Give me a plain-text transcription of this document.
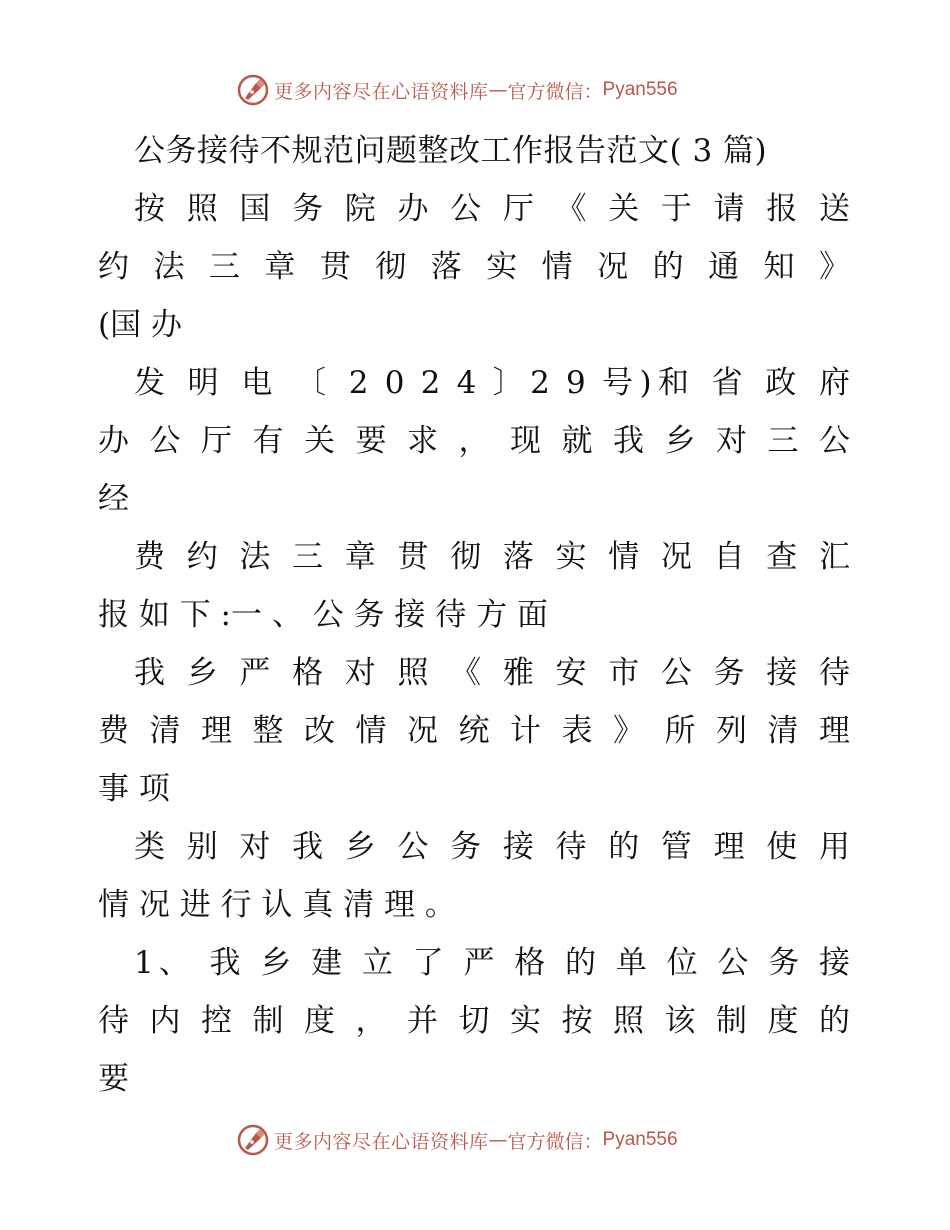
更多内容尽在心语资料库 — 官方微信： Pyan556
公务接待不规范问题整改工作报告范文( 3 篇)
按 照 国 务 院 办 公 厅 《 关 于 请 报 送
约 法 三 章 贯 彻 落 实 情 况 的 通 知 》
(国 办
发 明 电 〔 2 0 2 4 〕2 9 号)和 省 政 府
办 公 厅 有 关 要 求 ， 现 就 我 乡 对 三 公
经
费 约 法 三 章 贯 彻 落 实 情 况 自 查 汇
报 如 下 :一 、 公 务 接 待 方 面
我 乡 严 格 对 照 《 雅 安 市 公 务 接 待
费 清 理 整 改 情 况 统 计 表 》 所 列 清 理
事 项
类 别 对 我 乡 公 务 接 待 的 管 理 使 用
情 况 进 行 认 真 清 理 。
1、 我 乡 建 立 了 严 格 的 单 位 公 务 接
待 内 控 制 度 ， 并 切 实 按 照 该 制 度 的
要
更多内容尽在心语资料库 — 官方微信： Pyan556
